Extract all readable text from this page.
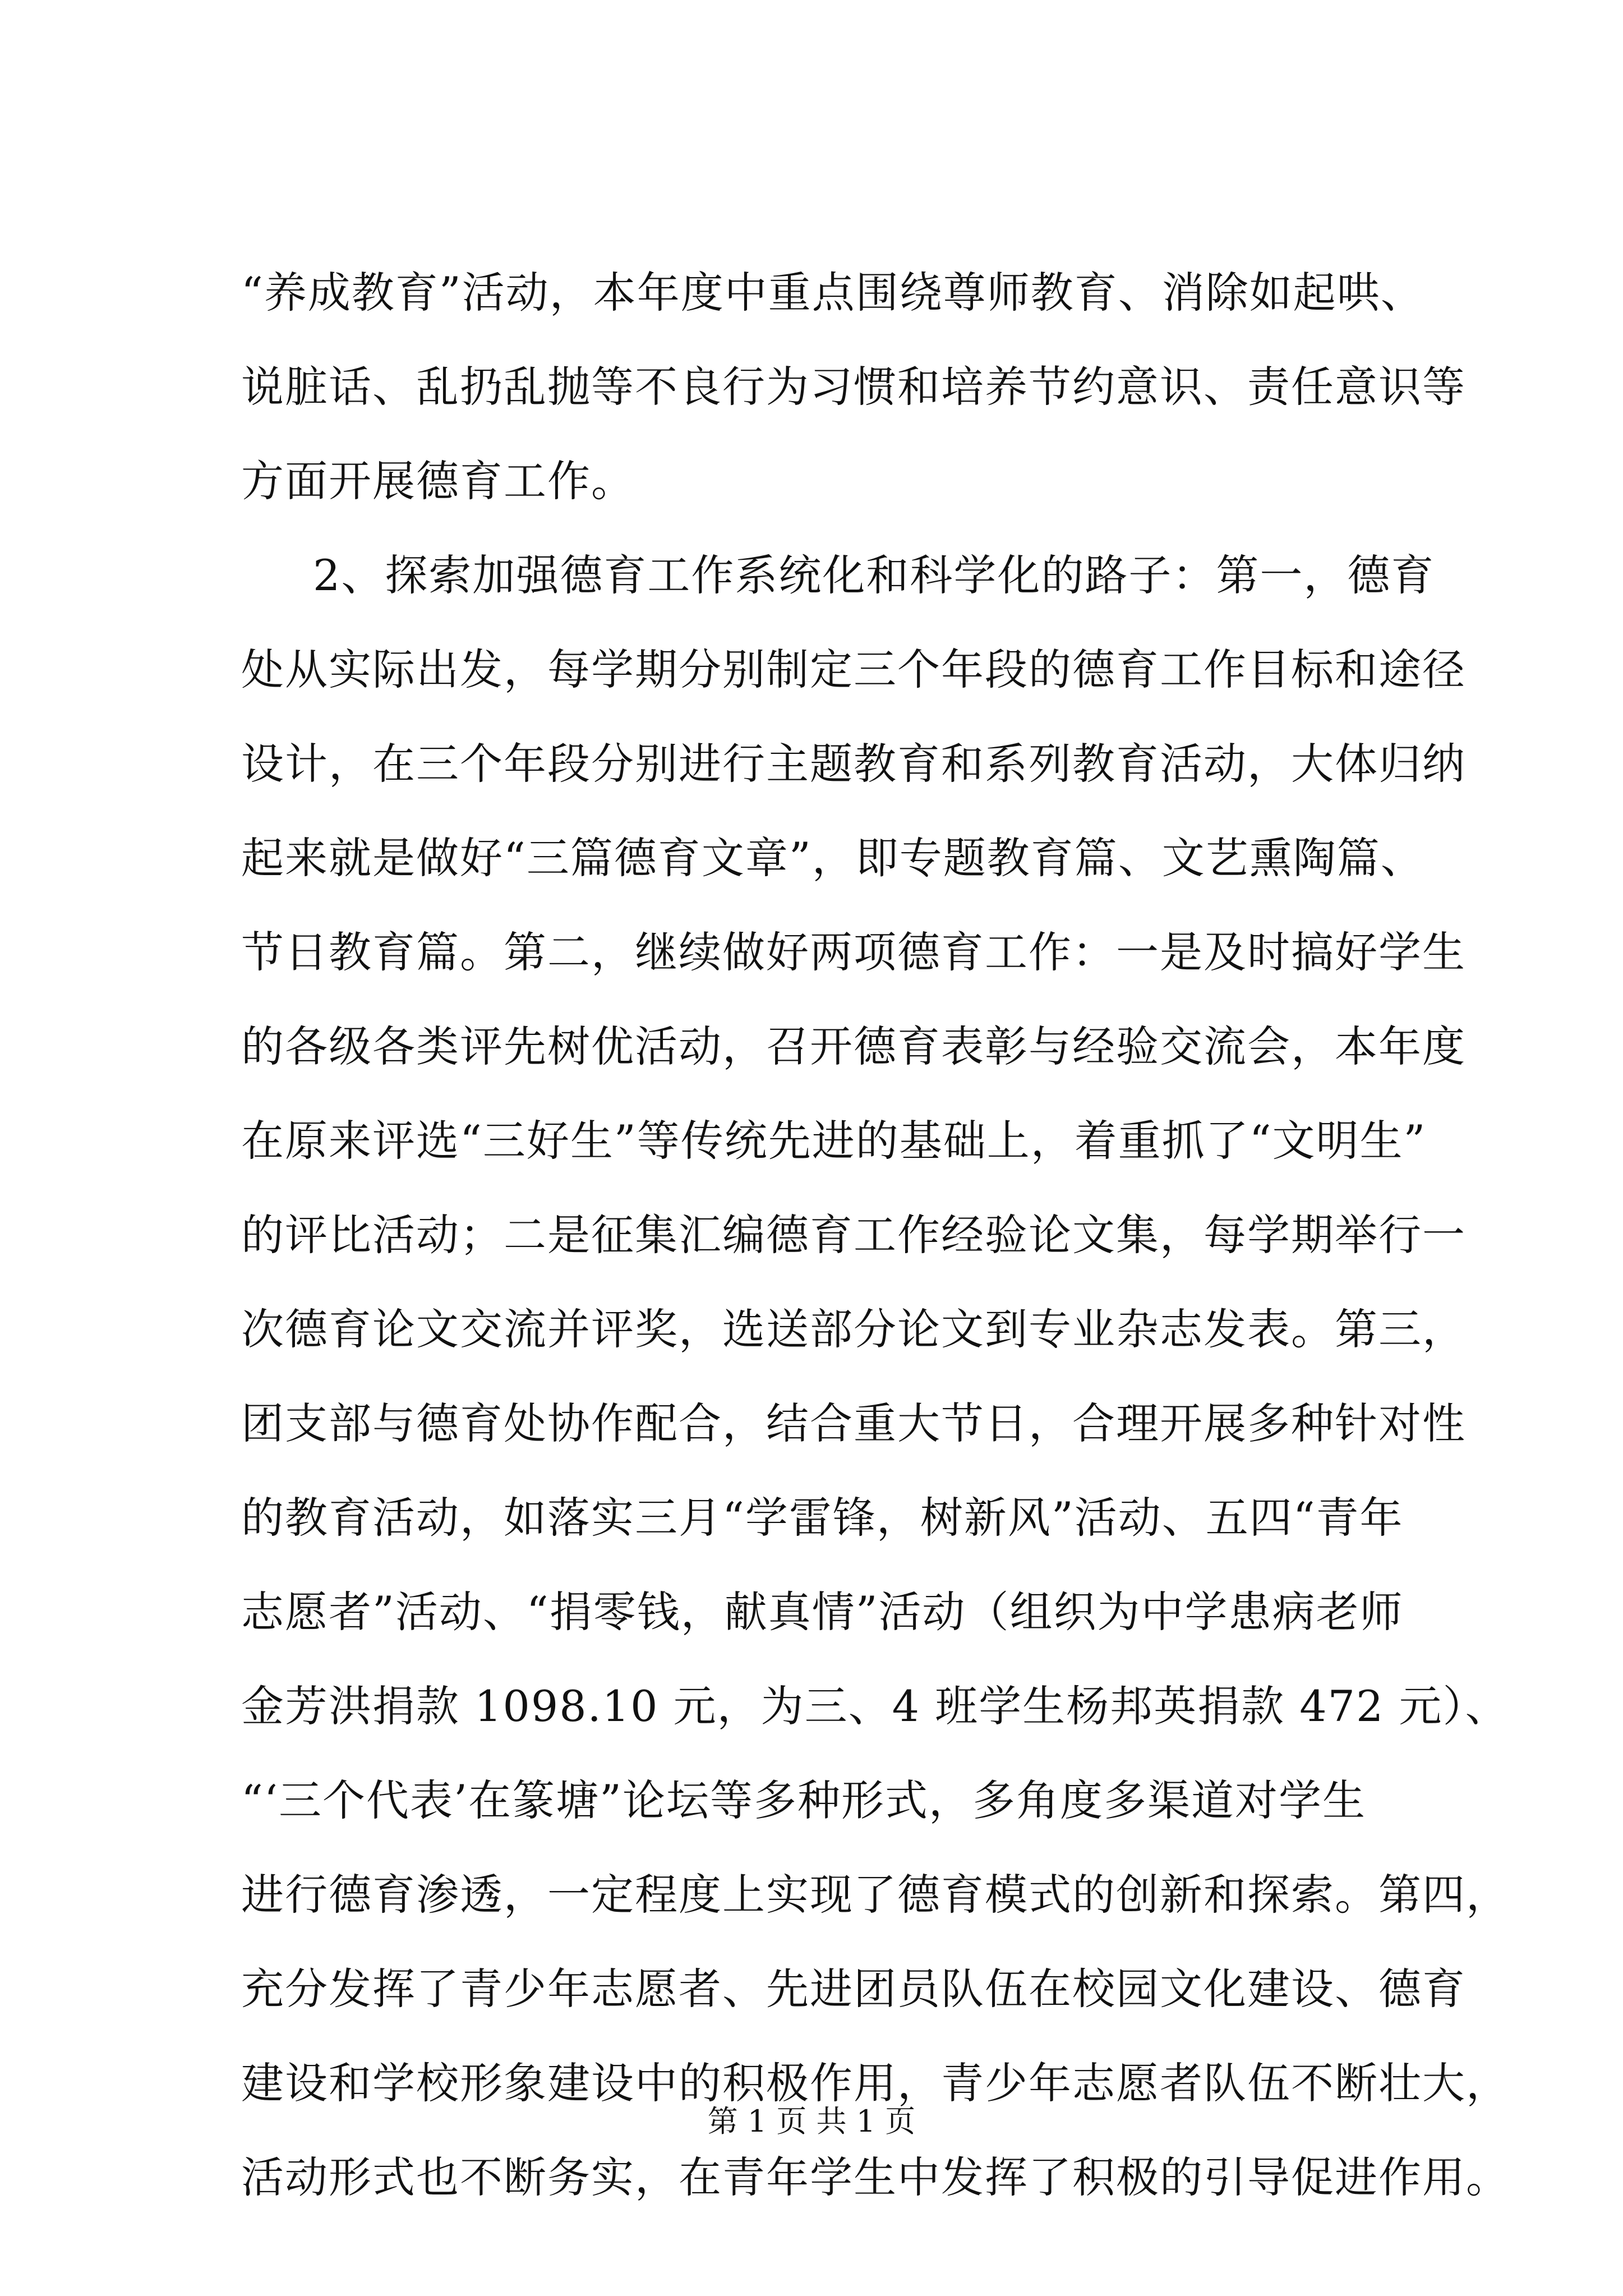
“养成教育”活动，本年度中重点围绕尊师教育、消除如起哄、
说脏话、乱扔乱抛等不良行为习惯和培养节约意识、责任意识等
方面开展德育工作。
2、探索加强德育工作系统化和科学化的路子：第一，德育
处从实际出发，每学期分别制定三个年段的德育工作目标和途径
设计，在三个年段分别进行主题教育和系列教育活动，大体归纳
起来就是做好“三篇德育文章”，即专题教育篇、文艺熏陶篇、
节日教育篇。第二，继续做好两项德育工作：一是及时搞好学生
的各级各类评先树优活动，召开德育表彰与经验交流会，本年度
在原来评选“三好生”等传统先进的基础上，着重抓了“文明生”
的评比活动；二是征集汇编德育工作经验论文集，每学期举行一
次德育论文交流并评奖，选送部分论文到专业杂志发表。第三，
团支部与德育处协作配合，结合重大节日，合理开展多种针对性
的教育活动，如落实三月“学雷锋，树新风”活动、五四“青年
志愿者”活动、“捐零钱，献真情”活动（组织为中学患病老师
金芳洪捐款 1098.10 元，为三、4 班学生杨邦英捐款 472 元）、
“‘三个代表’在篆塘”论坛等多种形式，多角度多渠道对学生
进行德育渗透，一定程度上实现了德育模式的创新和探索。第四，
充分发挥了青少年志愿者、先进团员队伍在校园文化建设、德育
建设和学校形象建设中的积极作用，青少年志愿者队伍不断壮大，
活动形式也不断务实，在青年学生中发挥了积极的引导促进作用。
第 1 页 共 1 页
